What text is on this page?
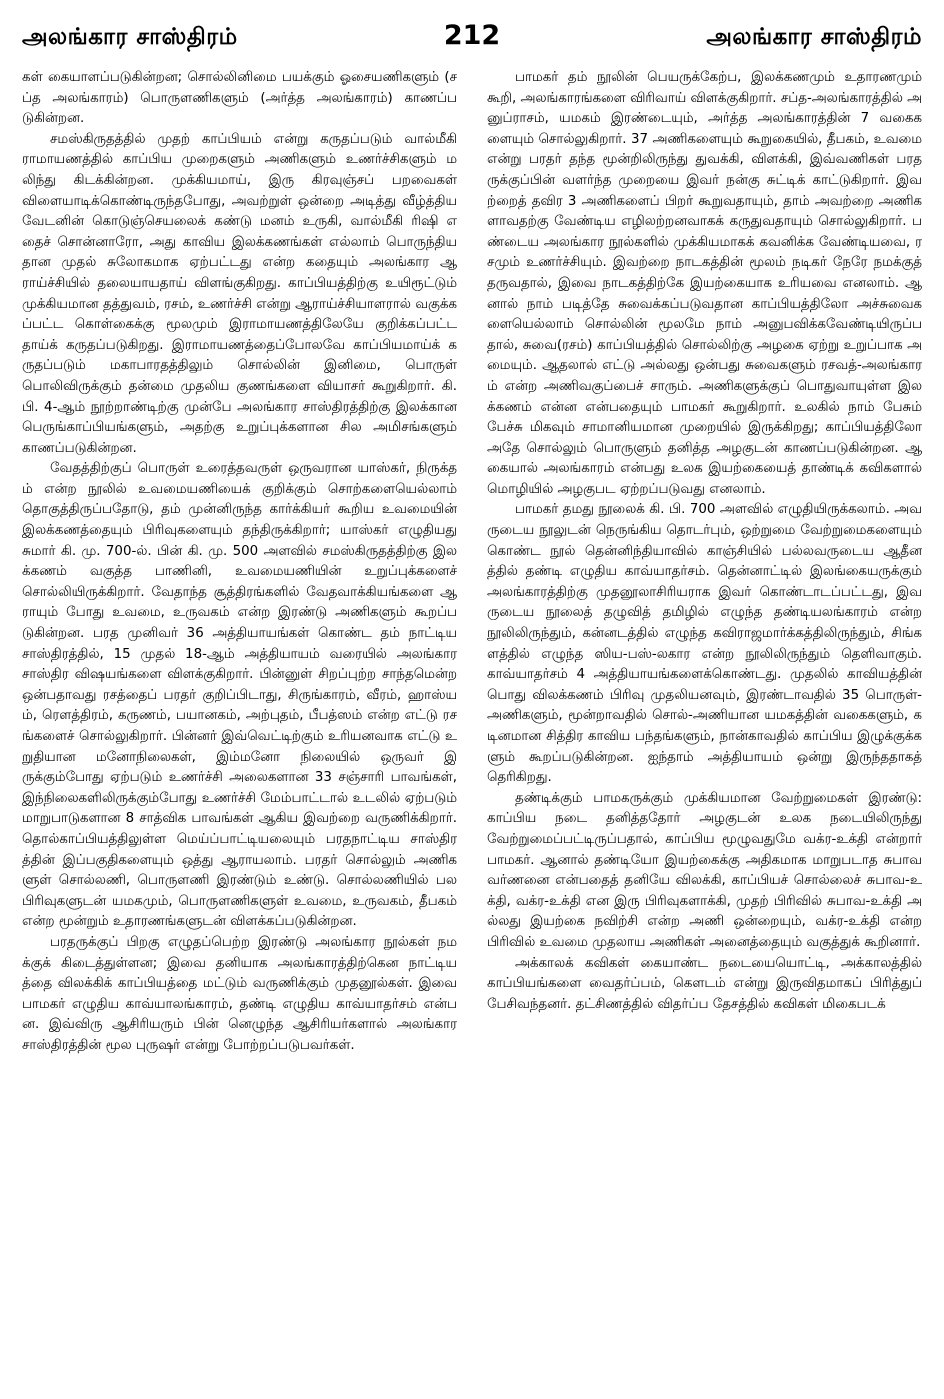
அலங்கார சாஸ்திரம்	212	அலங்கார சாஸ்திரம்

கள் கையாளப்படுகின்றன; சொல்லினிமை பயக்கும் ஓசையணிகளும் (சப்த அலங்காரம்) பொருளணிகளும் (அர்த்த அலங்காரம்) காணப்படுகின்றன.

சமஸ்கிருதத்தில் முதற் காப்பியம் என்று கருதப்படும் வால்மீகி ராமாயணத்தில் காப்பிய முறைகளும் அணிகளும் உணர்ச்சிகளும் மலிந்து கிடக்கின்றன. முக்கியமாய், இரு கிரவுஞ்சப் பறவைகள் விளையாடிக்கொண்டிருந்தபோது, அவற்றுள் ஒன்றை அடித்து வீழ்த்திய வேடனின் கொடுஞ்செயலைக் கண்டு மனம் உருகி, வால்மீகி ரிஷி எதைச் சொன்னாரோ, அது காவிய இலக்கணங்கள் எல்லாம் பொருந்தியதான முதல் சுலோகமாக ஏற்பட்டது என்ற கதையும் அலங்கார ஆராய்ச்சியில் தலையாயதாய் விளங்குகிறது. காப்பியத்திற்கு உயிரூட்டும் முக்கியமான தத்துவம், ரசம், உணர்ச்சி என்று ஆராய்ச்சியாளரால் வகுக்கப்பட்ட கொள்கைக்கு மூலமும் இராமாயணத்திலேயே குறிக்கப்பட்டதாய்க் கருதப்படுகிறது. இராமாயணத்தைப்போலவே காப்பியமாய்க் கருதப்படும் மகாபாரதத்திலும் சொல்லின் இனிமை, பொருள் பொலிவிருக்கும் தன்மை முதலிய குணங்களை வியாசர் கூறுகிறார். கி. பி. 4-ஆம் நூற்றாண்டிற்கு முன்பே அலங்கார சாஸ்திரத்திற்கு இலக்கான பெருங்காப்பியங்களும், அதற்கு உறுப்புக்களான சில அமிசங்களும் காணப்படுகின்றன.

வேதத்திற்குப் பொருள் உரைத்தவருள் ஒருவரான யாஸ்கர், நிருக்தம் என்ற நூலில் உவமையணியைக் குறிக்கும் சொற்களையெல்லாம் தொகுத்திருப்பதோடு, தம் முன்னிருந்த கார்க்கியர் கூறிய உவமையின் இலக்கணத்தையும் பிரிவுகளையும் தந்திருக்கிறார்; யாஸ்கர் எழுதியது சுமார் கி. மு. 700-ல். பின் கி. மு. 500 அளவில் சமஸ்கிருதத்திற்கு இலக்கணம் வகுத்த பாணினி, உவமையணியின் உறுப்புக்களைச் சொல்லியிருக்கிறார். வேதாந்த சூத்திரங்களில் வேதவாக்கியங்களை ஆராயும் போது உவமை, உருவகம் என்ற இரண்டு அணிகளும் கூறப்படுகின்றன. பரத முனிவர் 36 அத்தியாயங்கள் கொண்ட தம் நாட்டிய சாஸ்திரத்தில், 15 முதல் 18-ஆம் அத்தியாயம் வரையில் அலங்கார சாஸ்திர விஷயங்களை விளக்குகிறார். பின்னுள் சிறப்புற்ற சாந்தமென்ற ஒன்பதாவது ரசத்தைப் பரதர் குறிப்பிடாது, சிருங்காரம், வீரம், ஹாஸ்யம், ரௌத்திரம், கருணம், பயானகம், அற்புதம், பீபத்ஸம் என்ற எட்டு ரசங்களைச் சொல்லுகிறார். பின்னர் இவ்வெட்டிற்கும் உரியனவாக எட்டு உறுதியான மனோநிலைகள், இம்மனோ நிலையில் ஒருவர் இருக்கும்போது ஏற்படும் உணர்ச்சி அலைகளான 33 சஞ்சாரி பாவங்கள், இந்நிலைகளிலிருக்கும்போது உணர்ச்சி மேம்பாட்டால் உடலில் ஏற்படும் மாறுபாடுகளான 8 சாத்விக பாவங்கள் ஆகிய இவற்றை வருணிக்கிறார். தொல்காப்பியத்திலுள்ள மெய்ப்பாட்டியலையும் பரதநாட்டிய சாஸ்திரத்தின் இப்பகுதிகளையும் ஒத்து ஆராயலாம். பரதர் சொல்லும் அணிகளுள் சொல்லணி, பொருளணி இரண்டும் உண்டு. சொல்லணியில் பல பிரிவுகளுடன் யமகமும், பொருளணிகளுள் உவமை, உருவகம், தீபகம் என்ற மூன்றும் உதாரணங்களுடன் விளக்கப்படுகின்றன.

பரதருக்குப் பிறகு எழுதப்பெற்ற இரண்டு அலங்கார நூல்கள் நமக்குக் கிடைத்துள்ளன; இவை தனியாக அலங்காரத்திற்கென நாட்டியத்தை விலக்கிக் காப்பியத்தை மட்டும் வருணிக்கும் முதனூல்கள். இவை பாமகர் எழுதிய காவ்யாலங்காரம், தண்டி எழுதிய காவ்யாதர்சம் என்பன. இவ்விரு ஆசிரியரும் பின் னெழுந்த ஆசிரியர்களால் அலங்கார சாஸ்திரத்தின் மூல புருஷர் என்று போற்றப்படுபவர்கள்.

பாமகர் தம் நூலின் பெயருக்கேற்ப, இலக்கணமும் உதாரணமும் கூறி, அலங்காரங்களை விரிவாய் விளக்குகிறார். சப்த-அலங்காரத்தில் அனுப்ராசம், யமகம் இரண்டையும், அர்த்த அலங்காரத்தின் 7 வகைகளையும் சொல்லுகிறார். 37 அணிகளையும் கூறுகையில், தீபகம், உவமை என்று பரதர் தந்த மூன்றிலிருந்து துவக்கி, விளக்கி, இவ்வணிகள் பரதருக்குப்பின் வளர்ந்த முறையை இவர் நன்கு சுட்டிக் காட்டுகிறார். இவற்றைத் தவிர 3 அணிகளைப் பிறர் கூறுவதாயும், தாம் அவற்றை அணிகளாவதற்கு வேண்டிய எழிலற்றனவாகக் கருதுவதாயும் சொல்லுகிறார். பண்டைய அலங்கார நூல்களில் முக்கியமாகக் கவனிக்க வேண்டியவை, ரசமும் உணர்ச்சியும். இவற்றை நாடகத்தின் மூலம் நடிகர் நேரே நமக்குத் தருவதால், இவை நாடகத்திற்கே இயற்கையாக உரியவை எனலாம். ஆனால் நாம் படித்தே சுவைக்கப்படுவதான காப்பியத்திலோ அச்சுவைகளையெல்லாம் சொல்லின் மூலமே நாம் அனுபவிக்கவேண்டியிருப்பதால், சுவை(ரசம்) காப்பியத்தில் சொல்லிற்கு அழகை ஏற்று உறுப்பாக அமையும். ஆதலால் எட்டு அல்லது ஒன்பது சுவைகளும் ரசவத்-அலங்காரம் என்ற அணிவகுப்பைச் சாரும். அணிகளுக்குப் பொதுவாயுள்ள இலக்கணம் என்ன என்பதையும் பாமகர் கூறுகிறார். உலகில் நாம் பேசும் பேச்சு மிகவும் சாமானியமான முறையில் இருக்கிறது; காப்பியத்திலோ அதே சொல்லும் பொருளும் தனித்த அழகுடன் காணப்படுகின்றன. ஆகையால் அலங்காரம் என்பது உலக இயற்கையைத் தாண்டிக் கவிகளால் மொழியில் அழகுபட ஏற்றப்படுவது எனலாம்.

பாமகர் தமது நூலைக் கி. பி. 700 அளவில் எழுதியிருக்கலாம். அவருடைய நூலுடன் நெருங்கிய தொடர்பும், ஒற்றுமை வேற்றுமைகளையும் கொண்ட நூல் தென்னிந்தியாவில் காஞ்சியில் பல்லவருடைய ஆதீனத்தில் தண்டி எழுதிய காவ்யாதர்சம். தென்னாட்டில் இலங்கையருக்கும் அலங்காரத்திற்கு முதனூலாசிரியராக இவர் கொண்டாடப்பட்டது, இவருடைய நூலைத் தழுவித் தமிழில் எழுந்த தண்டியலங்காரம் என்ற நூலிலிருந்தும், கன்னடத்தில் எழுந்த கவிராஜமார்க்கத்திலிருந்தும், சிங்களத்தில் எழுந்த ஸிய-பஸ்-லகார என்ற நூலிலிருந்தும் தெளிவாகும். காவ்யாதர்சம் 4 அத்தியாயங்களைக்கொண்டது. முதலில் காவியத்தின் பொது விலக்கணம் பிரிவு முதலியனவும், இரண்டாவதில் 35 பொருள்-அணிகளும், மூன்றாவதில் சொல்-அணியான யமகத்தின் வகைகளும், கடினமான சித்திர காவிய பந்தங்களும், நான்காவதில் காப்பிய இழுக்குக்களும் கூறப்படுகின்றன. ஐந்தாம் அத்தியாயம் ஒன்று இருந்ததாகத் தெரிகிறது.

தண்டிக்கும் பாமகருக்கும் முக்கியமான வேற்றுமைகள் இரண்டு: காப்பிய நடை தனித்ததோர் அழகுடன் உலக நடையிலிருந்து வேற்றுமைப்பட்டிருப்பதால், காப்பிய மூழுவதுமே வக்ர-உக்தி என்றார் பாமகர். ஆனால் தண்டியோ இயற்கைக்கு அதிகமாக மாறுபடாத சுபாவ வர்ணனை என்பதைத் தனியே விலக்கி, காப்பியச் சொல்லைச் சுபாவ-உக்தி, வக்ர-உக்தி என இரு பிரிவுகளாக்கி, முதற் பிரிவில் சுபாவ-உக்தி அல்லது இயற்கை நவிற்சி என்ற அணி ஒன்றையும், வக்ர-உக்தி என்ற பிரிவில் உவமை முதலாய அணிகள் அனைத்தையும் வகுத்துக் கூறினார்.

அக்காலக் கவிகள் கையாண்ட நடையையொட்டி, அக்காலத்தில் காப்பியங்களை வைதர்ப்பம், கௌடம் என்று இருவிதமாகப் பிரித்துப் பேசிவந்தனர். தட்சிணத்தில் விதர்ப்ப தேசத்தில் கவிகள் மிகைபடக்
